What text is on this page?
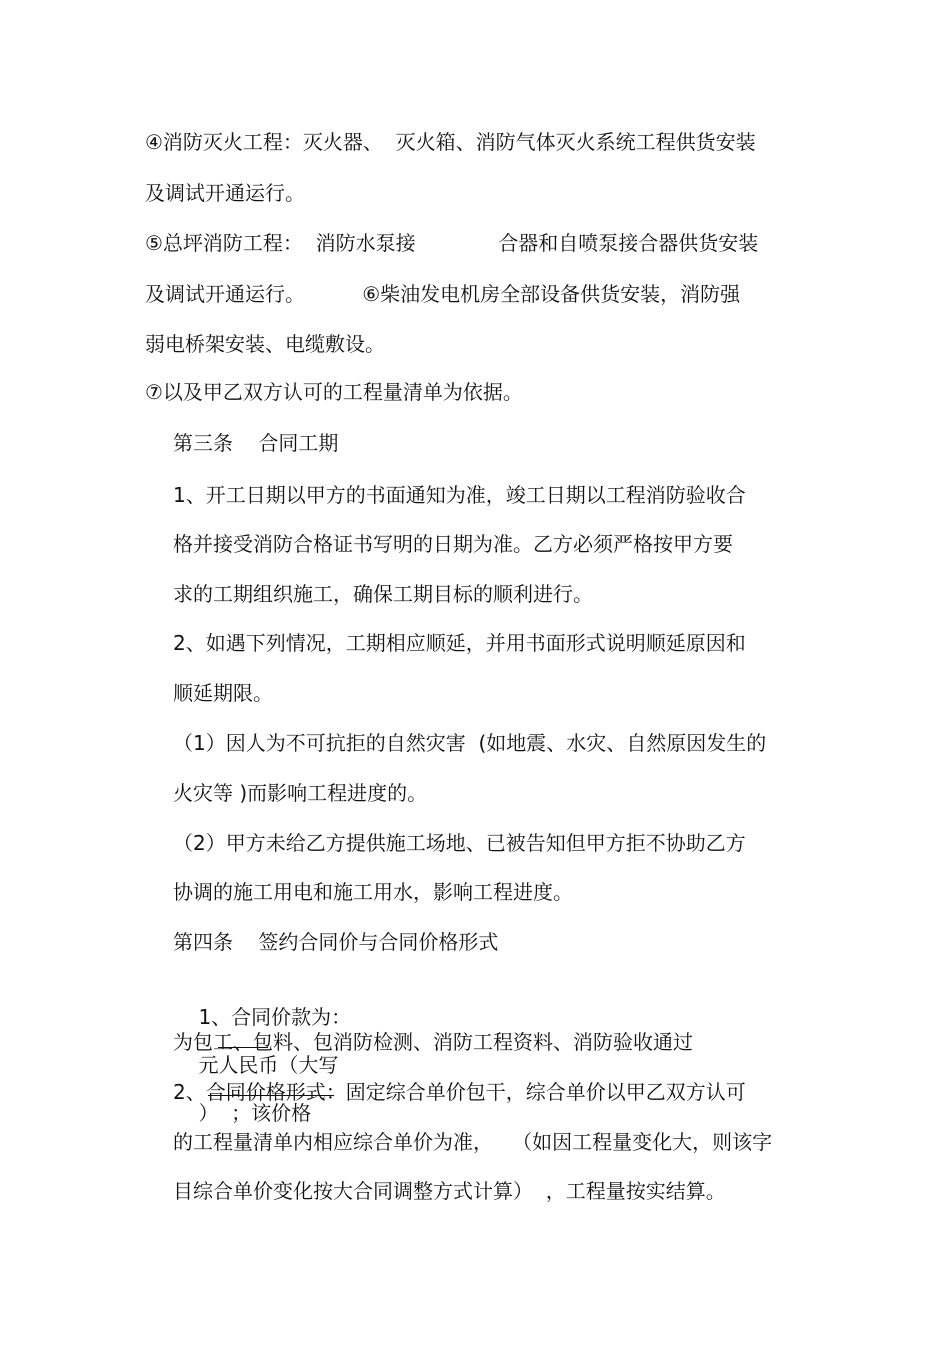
④消防灭火工程：灭火器、  灭火箱、消防气体灭火系统工程供货安装
及调试开通运行。
⑤总坪消防工程：  消防水泵接             合器和自喷泵接合器供货安装
及调试开通运行。         ⑥柴油发电机房全部设备供货安装，消防强
弱电桥架安装、电缆敷设。
⑦以及甲乙双方认可的工程量清单为依据。
第三条    合同工期
1、开工日期以甲方的书面通知为准，竣工日期以工程消防验收合
格并接受消防合格证书写明的日期为准。乙方必须严格按甲方要
求的工期组织施工，确保工期目标的顺利进行。
2、如遇下列情况，工期相应顺延，并用书面形式说明顺延原因和
顺延期限。
（1）因人为不可抗拒的自然灾害  (如地震、水灾、自然原因发生的
火灾等 )而影响工程进度的。
（2）甲方未给乙方提供施工场地、已被告知但甲方拒不协助乙方
协调的施工用电和施工用水，影响工程进度。
第四条    签约合同价与合同价格形式

1、合同价款为：

元人民币（大写

）  ；该价格

为包工、包料、包消防检测、消防工程资料、消防验收通过
2、合同价格形式：固定综合单价包干，综合单价以甲乙双方认可
的工程量清单内相应综合单价为准，   （如因工程量变化大，则该字
目综合单价变化按大合同调整方式计算）  ，工程量按实结算。
